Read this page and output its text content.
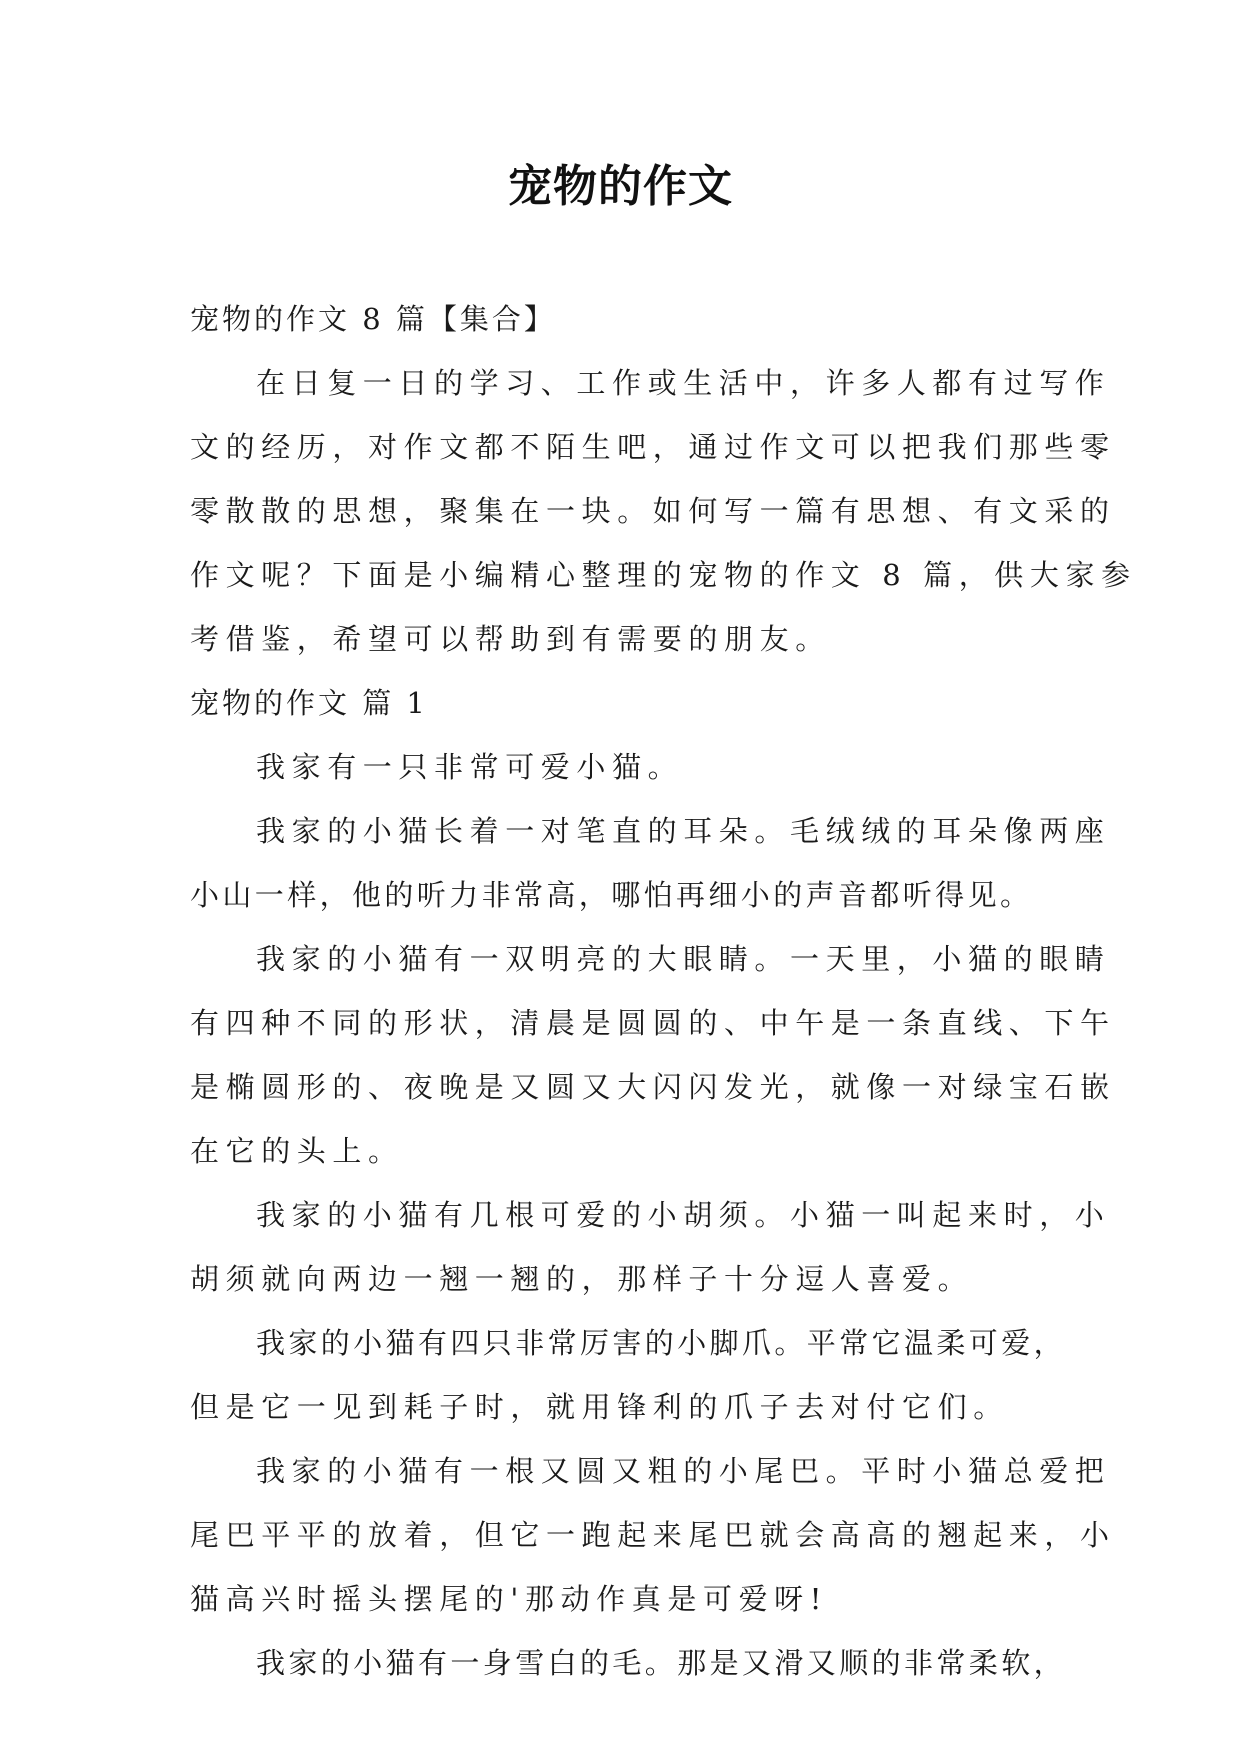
宠物的作文

宠物的作文 8 篇【集合】

在日复一日的学习、工作或生活中，许多人都有过写作

文的经历，对作文都不陌生吧，通过作文可以把我们那些零

零散散的思想，聚集在一块。如何写一篇有思想、有文采的

作文呢？下面是小编精心整理的宠物的作文 8 篇，供大家参

考借鉴，希望可以帮助到有需要的朋友。

宠物的作文 篇 1

我家有一只非常可爱小猫。

我家的小猫长着一对笔直的耳朵。毛绒绒的耳朵像两座

小山一样，他的听力非常高，哪怕再细小的声音都听得见。

我家的小猫有一双明亮的大眼睛。一天里，小猫的眼睛

有四种不同的形状，清晨是圆圆的、中午是一条直线、下午

是椭圆形的、夜晚是又圆又大闪闪发光，就像一对绿宝石嵌

在它的头上。

我家的小猫有几根可爱的小胡须。小猫一叫起来时，小

胡须就向两边一翘一翘的，那样子十分逗人喜爱。

我家的小猫有四只非常厉害的小脚爪。平常它温柔可爱，

但是它一见到耗子时，就用锋利的爪子去对付它们。

我家的小猫有一根又圆又粗的小尾巴。平时小猫总爱把

尾巴平平的放着，但它一跑起来尾巴就会高高的翘起来，小

猫高兴时摇头摆尾的'那动作真是可爱呀!

我家的小猫有一身雪白的毛。那是又滑又顺的非常柔软，
